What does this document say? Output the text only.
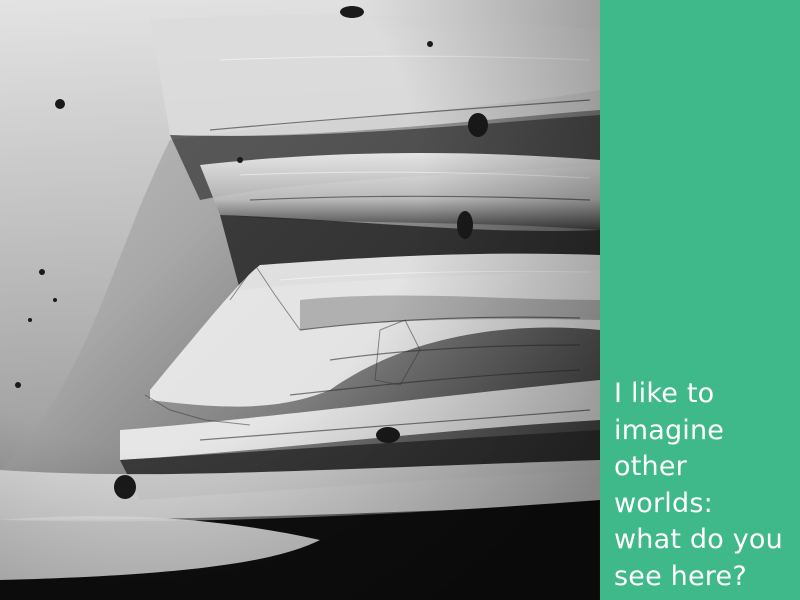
I like to
imagine
other
worlds:
what do you
see here?
